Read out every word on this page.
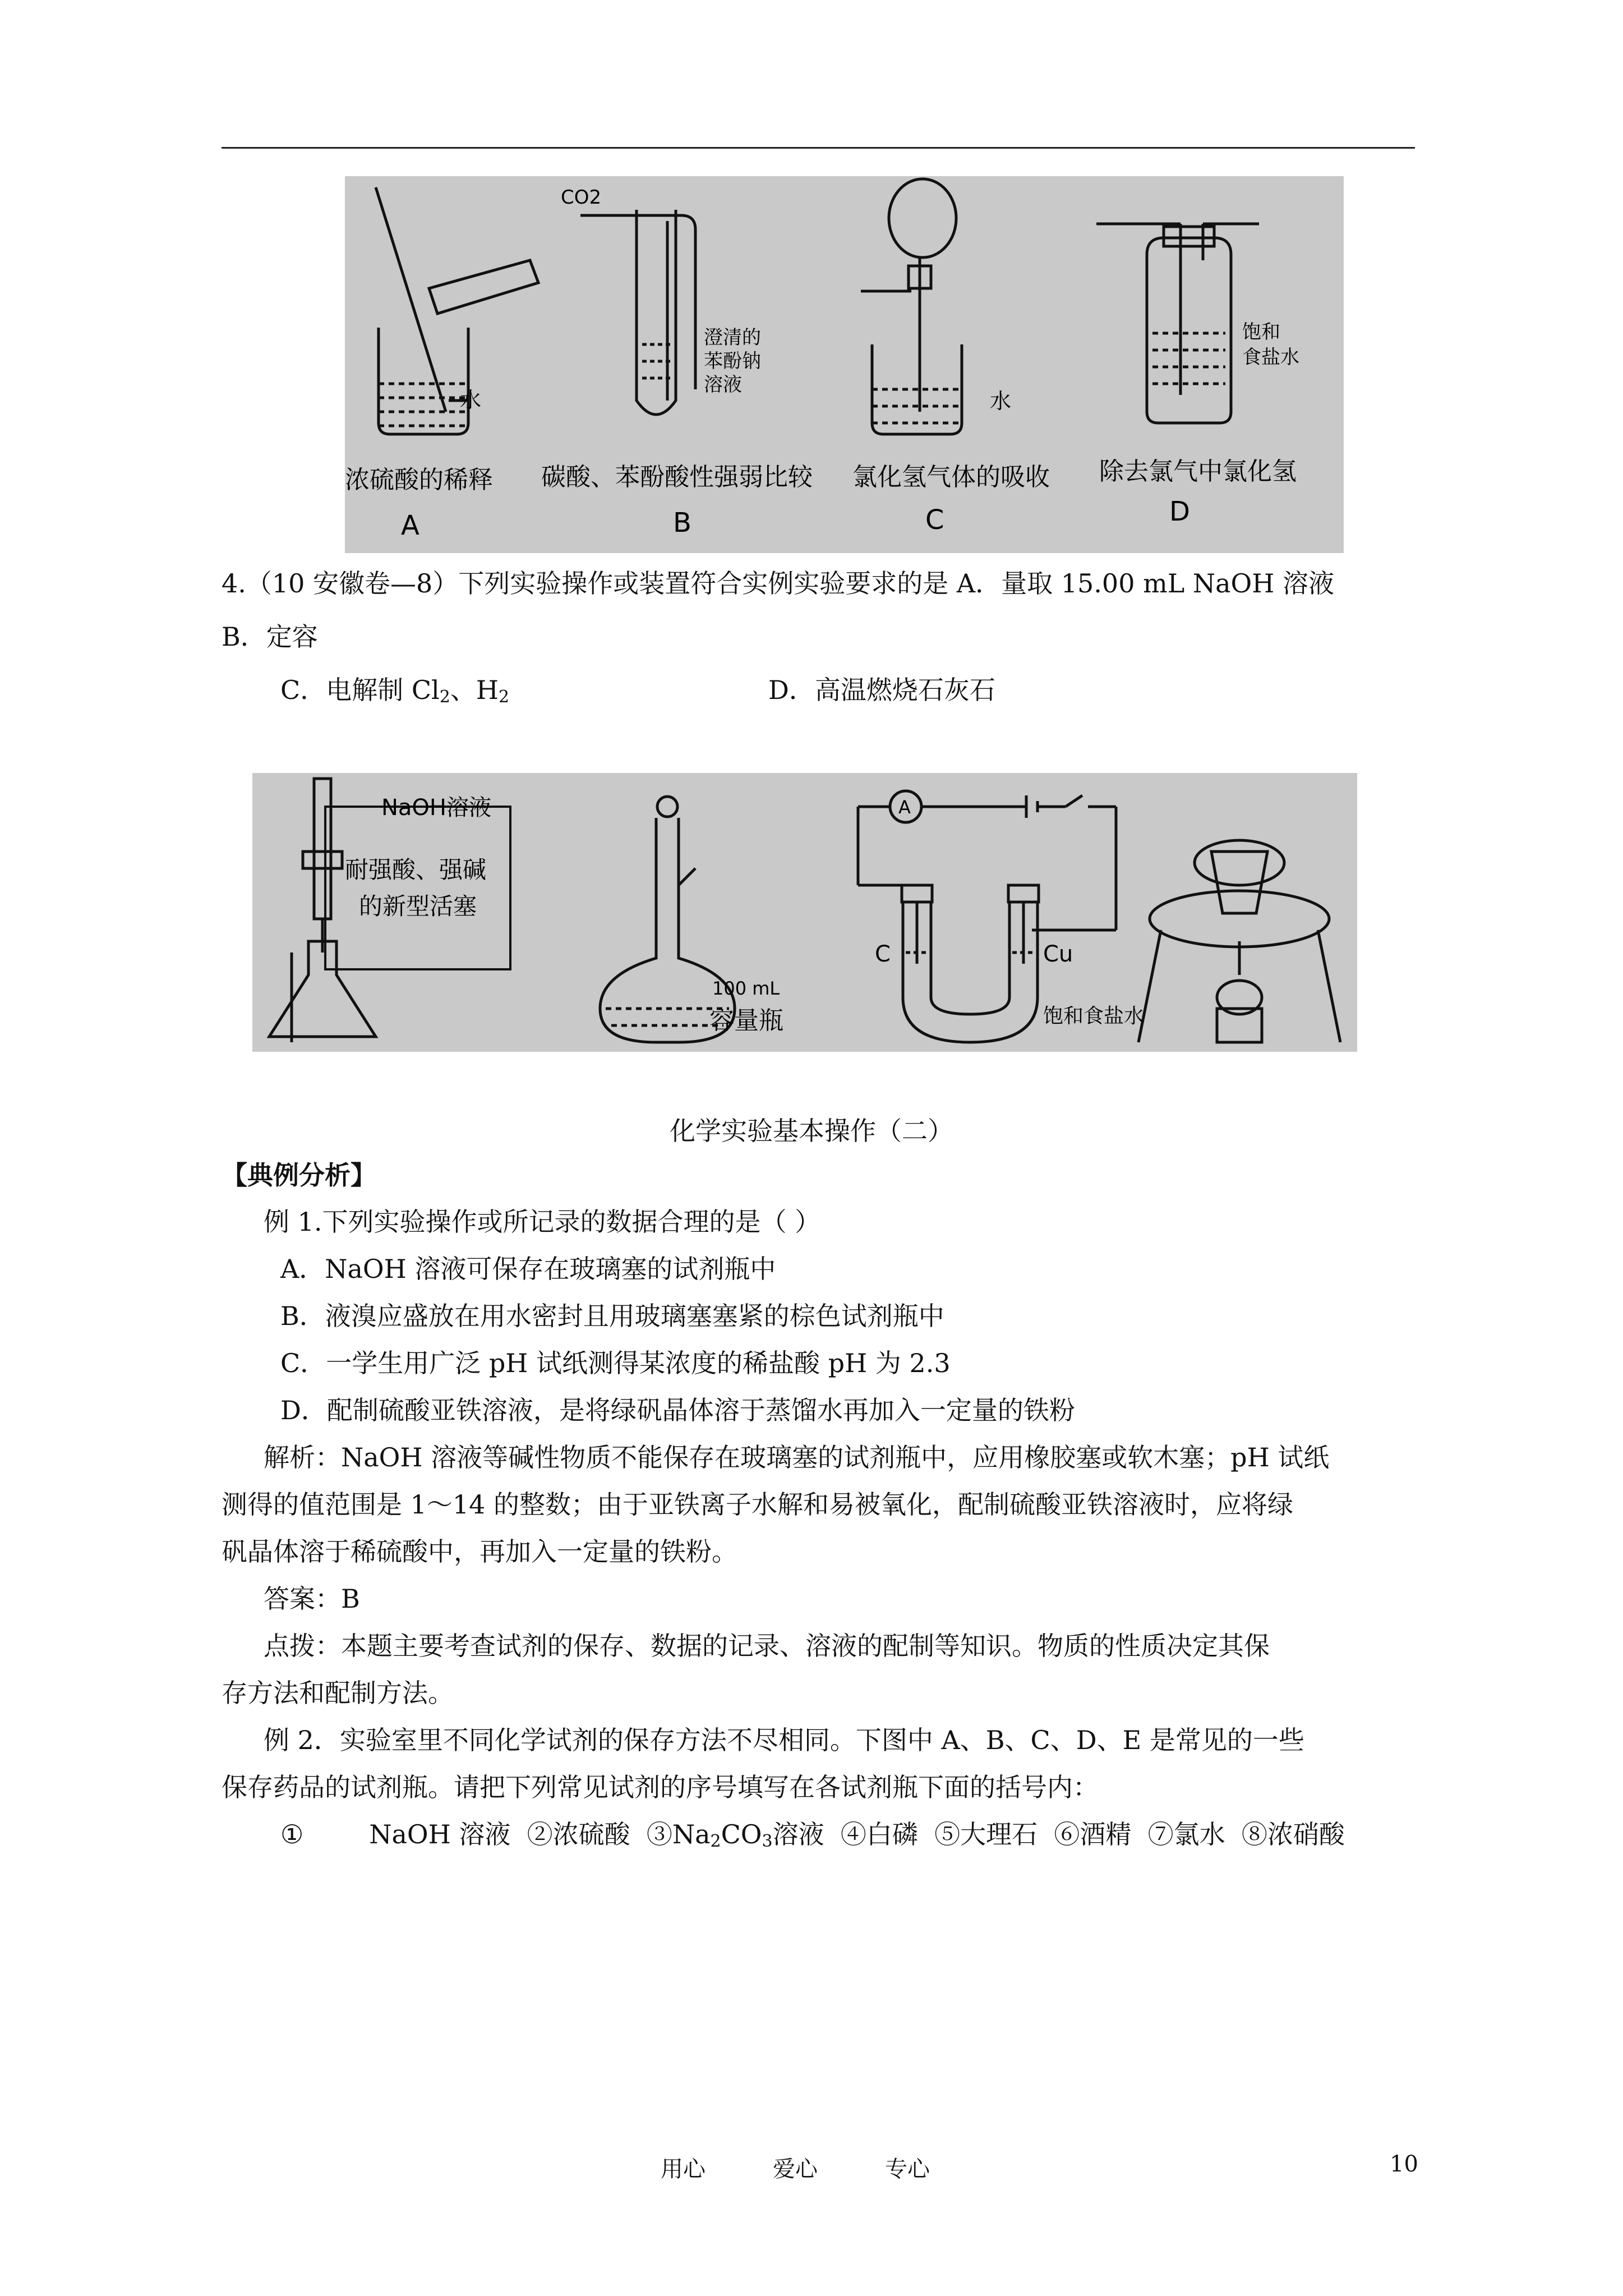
水
CO2
澄清的
苯酚钠
溶液
水
饱和
食盐水
浓硫酸的稀释 碳酸、苯酚酸性强弱比较 氯化氢气体的吸收 除去氯气中氯化氢
A	B	C	D
4.（10 安徽卷—8）下列实验操作或装置符合实例实验要求的是 A．量取 15.00 mL NaOH 溶液
B．定容
C．电解制 $Cl_2$、$H_2$	D．高温燃烧石灰石
NaOH溶液
耐强酸、强碱
的新型活塞
100 mL
容量瓶
A
C	Cu
饱和食盐水
化学实验基本操作（二）
【典例分析】
例 1.下列实验操作或所记录的数据合理的是（ ）
A．NaOH 溶液可保存在玻璃塞的试剂瓶中
B．液溴应盛放在用水密封且用玻璃塞塞紧的棕色试剂瓶中
C．一学生用广泛 pH 试纸测得某浓度的稀盐酸 pH 为 2.3
D．配制硫酸亚铁溶液，是将绿矾晶体溶于蒸馏水再加入一定量的铁粉
解析：NaOH 溶液等碱性物质不能保存在玻璃塞的试剂瓶中，应用橡胶塞或软木塞；pH 试纸
测得的值范围是 1～14 的整数；由于亚铁离子水解和易被氧化，配制硫酸亚铁溶液时，应将绿
矾晶体溶于稀硫酸中，再加入一定量的铁粉。
答案：B
点拨：本题主要考查试剂的保存、数据的记录、溶液的配制等知识。物质的性质决定其保
存方法和配制方法。
例 2．实验室里不同化学试剂的保存方法不尽相同。下图中 A、B、C、D、E 是常见的一些
保存药品的试剂瓶。请把下列常见试剂的序号填写在各试剂瓶下面的括号内：
①        NaOH 溶液  ②浓硫酸  $③Na_2CO_3$溶液  ④白磷  ⑤大理石  ⑥酒精  ⑦氯水  ⑧浓硝酸
用心	爱心	专心	10
